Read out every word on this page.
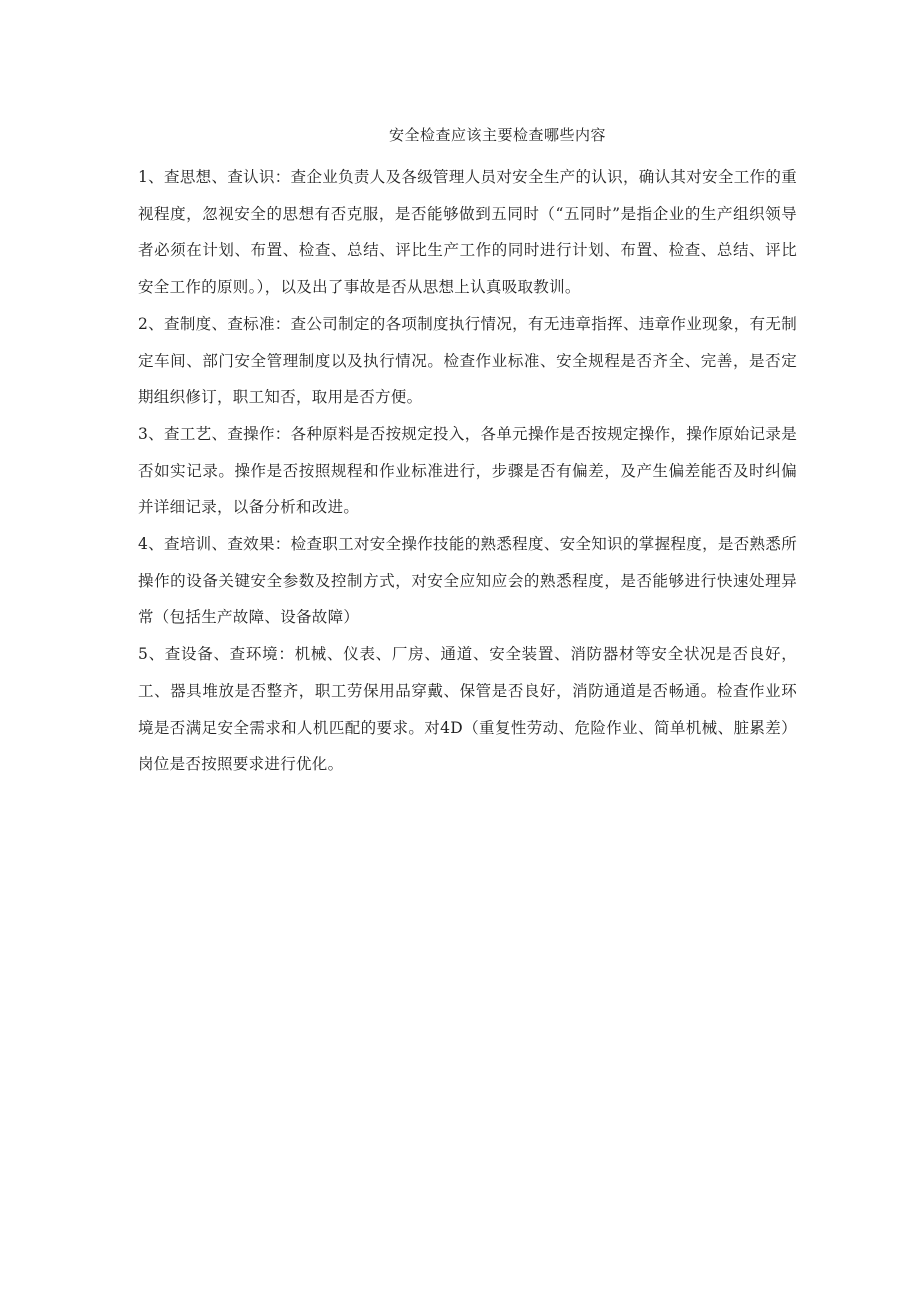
安全检查应该主要检查哪些内容

1、查思想、查认识：查企业负责人及各级管理人员对安全生产的认识，确认其对安全工作的重视程度，忽视安全的思想有否克服，是否能够做到五同时（“五同时”是指企业的生产组织领导者必须在计划、布置、检查、总结、评比生产工作的同时进行计划、布置、检查、总结、评比安全工作的原则。），以及出了事故是否从思想上认真吸取教训。

2、查制度、查标准：查公司制定的各项制度执行情况，有无违章指挥、违章作业现象，有无制定车间、部门安全管理制度以及执行情况。检查作业标准、安全规程是否齐全、完善，是否定期组织修订，职工知否，取用是否方便。

3、查工艺、查操作：各种原料是否按规定投入，各单元操作是否按规定操作，操作原始记录是否如实记录。操作是否按照规程和作业标准进行，步骤是否有偏差，及产生偏差能否及时纠偏并详细记录，以备分析和改进。

4、查培训、查效果：检查职工对安全操作技能的熟悉程度、安全知识的掌握程度，是否熟悉所操作的设备关键安全参数及控制方式，对安全应知应会的熟悉程度，是否能够进行快速处理异常（包括生产故障、设备故障）

5、查设备、查环境：机械、仪表、厂房、通道、安全装置、消防器材等安全状况是否良好，工、器具堆放是否整齐，职工劳保用品穿戴、保管是否良好，消防通道是否畅通。检查作业环境是否满足安全需求和人机匹配的要求。对4D（重复性劳动、危险作业、简单机械、脏累差）岗位是否按照要求进行优化。
